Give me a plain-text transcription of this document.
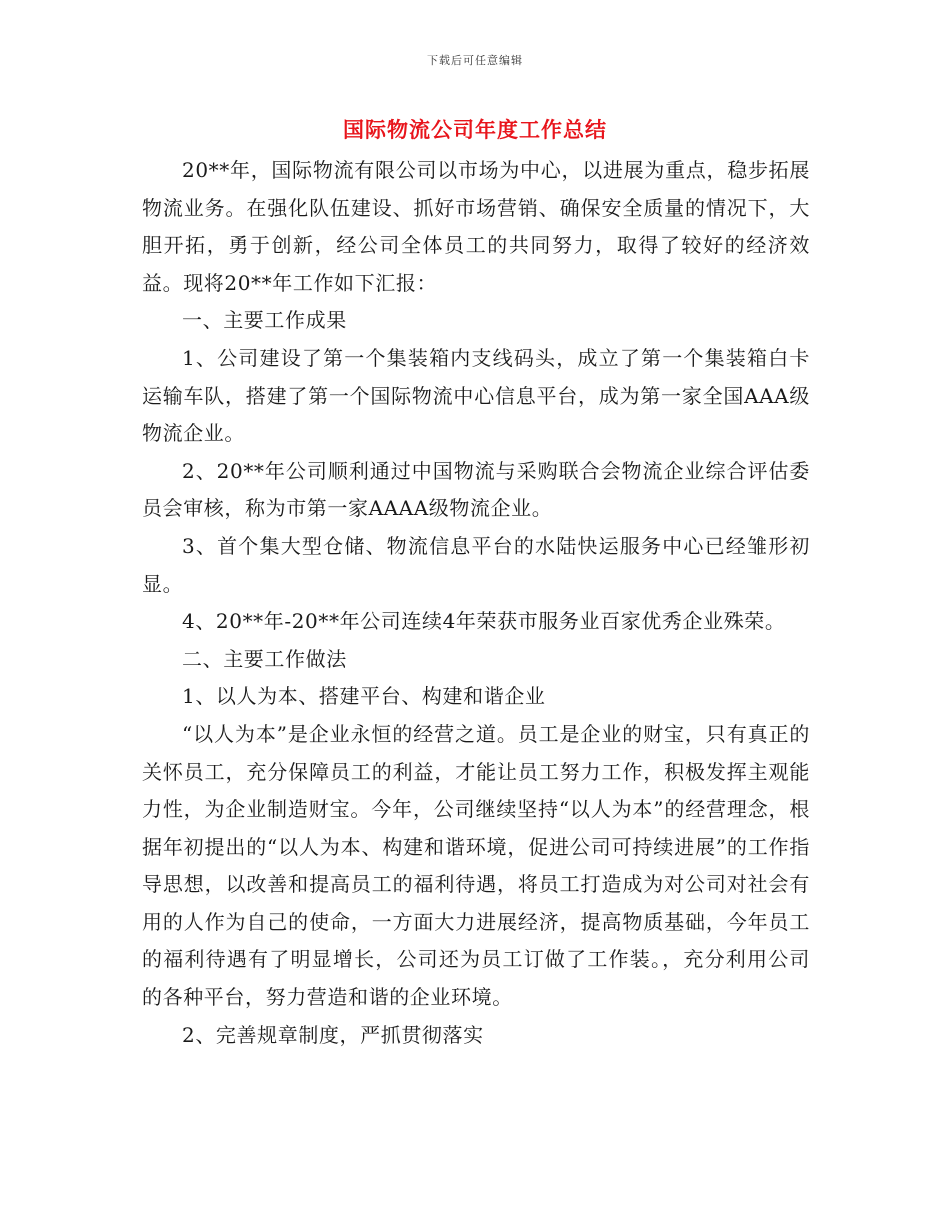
下载后可任意编辑
国际物流公司年度工作总结

20**年，国际物流有限公司以市场为中心，以进展为重点，稳步拓展物流业务。在强化队伍建设、抓好市场营销、确保安全质量的情况下，大胆开拓，勇于创新，经公司全体员工的共同努力，取得了较好的经济效益。现将20**年工作如下汇报：

一、主要工作成果

1、公司建设了第一个集装箱内支线码头，成立了第一个集装箱白卡运输车队，搭建了第一个国际物流中心信息平台，成为第一家全国AAA级物流企业。

2、20**年公司顺利通过中国物流与采购联合会物流企业综合评估委员会审核，称为市第一家AAAA级物流企业。

3、首个集大型仓储、物流信息平台的水陆快运服务中心已经雏形初显。

4、20**年-20**年公司连续4年荣获市服务业百家优秀企业殊荣。

二、主要工作做法

1、以人为本、搭建平台、构建和谐企业

“以人为本”是企业永恒的经营之道。员工是企业的财宝，只有真正的关怀员工，充分保障员工的利益，才能让员工努力工作，积极发挥主观能力性，为企业制造财宝。今年，公司继续坚持“以人为本”的经营理念，根据年初提出的“以人为本、构建和谐环境，促进公司可持续进展”的工作指导思想，以改善和提高员工的福利待遇，将员工打造成为对公司对社会有用的人作为自己的使命，一方面大力进展经济，提高物质基础，今年员工的福利待遇有了明显增长，公司还为员工订做了工作装。，充分利用公司的各种平台，努力营造和谐的企业环境。

2、完善规章制度，严抓贯彻落实
